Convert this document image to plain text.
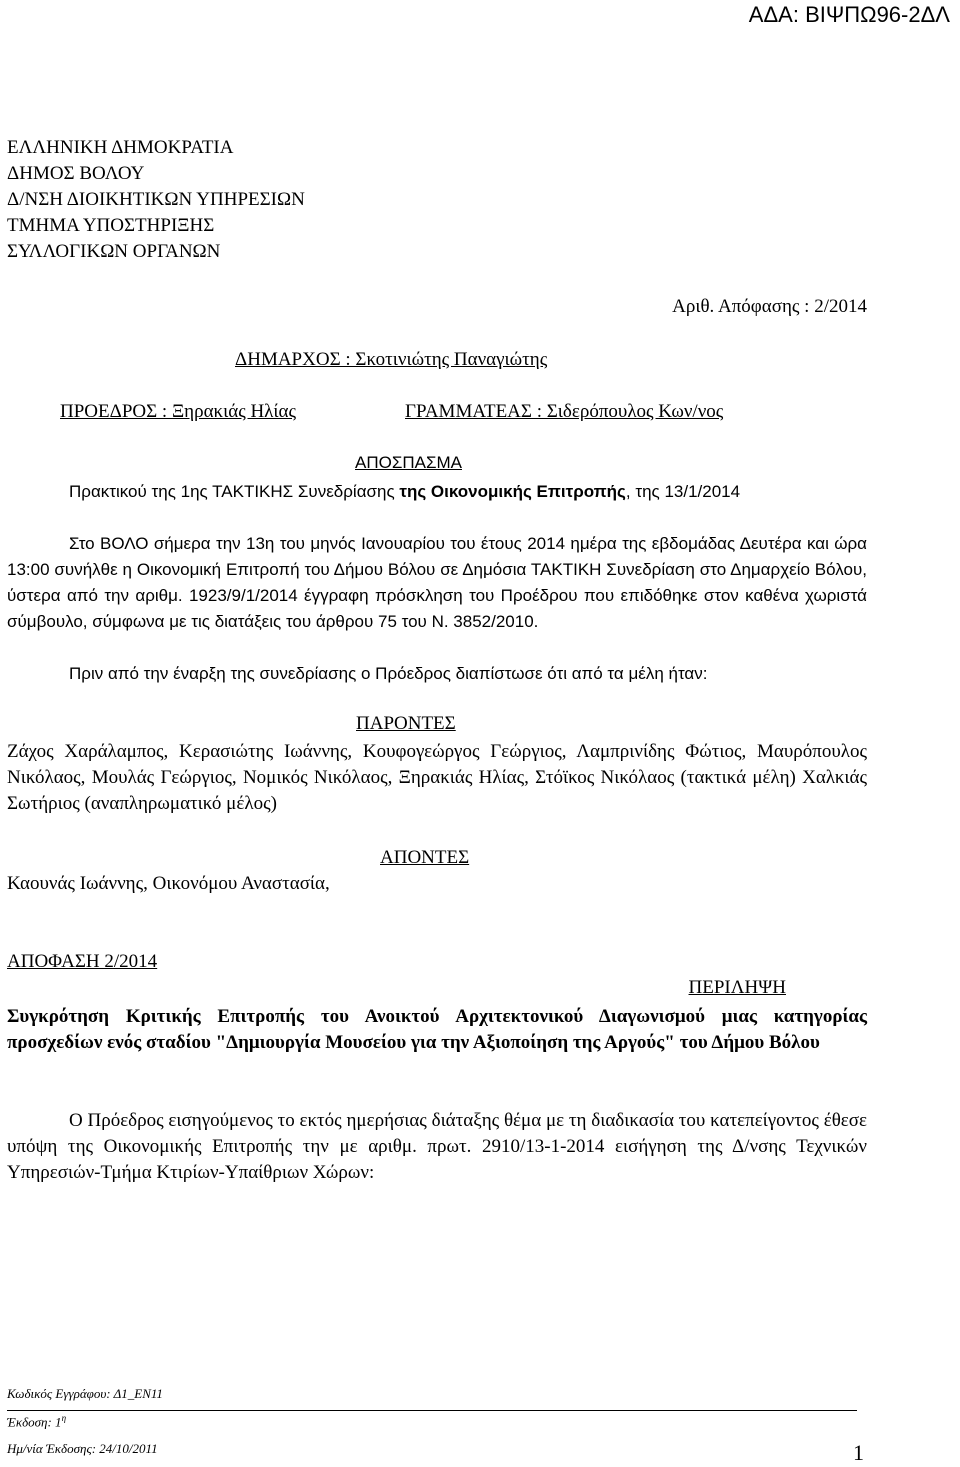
ΑΔΑ: ΒΙΨΠΩ96-2ΔΛ
ΕΛΛΗΝΙΚΗ ΔΗΜΟΚΡΑΤΙΑ
ΔΗΜΟΣ ΒΟΛΟΥ
Δ/ΝΣΗ ΔΙΟΙΚΗΤΙΚΩΝ ΥΠΗΡΕΣΙΩΝ
ΤΜΗΜΑ ΥΠΟΣΤΗΡΙΞΗΣ
ΣΥΛΛΟΓΙΚΩΝ ΟΡΓΑΝΩΝ
Αριθ. Απόφασης : 2/2014
ΔΗΜΑΡΧΟΣ : Σκοτινιώτης Παναγιώτης
ΠΡΟΕΔΡΟΣ : Ξηρακιάς Ηλίας	ΓΡΑΜΜΑΤΕΑΣ : Σιδερόπουλος Κων/νος
ΑΠΟΣΠΑΣΜΑ
Πρακτικού της 1ης ΤΑΚΤΙΚΗΣ Συνεδρίασης της Οικονομικής Επιτροπής, της 13/1/2014
Στο ΒΟΛΟ σήμερα την 13η του μηνός Ιανουαρίου του έτους 2014 ημέρα της εβδομάδας Δευτέρα και ώρα 13:00 συνήλθε η Οικονομική Επιτροπή του Δήμου Βόλου σε Δημόσια ΤΑΚΤΙΚΗ Συνεδρίαση στο Δημαρχείο Βόλου, ύστερα από την αριθμ. 1923/9/1/2014 έγγραφη πρόσκληση του Προέδρου που επιδόθηκε στον καθένα χωριστά σύμβουλο, σύμφωνα με τις διατάξεις του άρθρου 75 του Ν. 3852/2010.
Πριν από την έναρξη της συνεδρίασης ο Πρόεδρος διαπίστωσε ότι από τα μέλη ήταν:
ΠΑΡΟΝΤΕΣ
Ζάχος Χαράλαμπος, Κερασιώτης Ιωάννης, Κουφογεώργος Γεώργιος, Λαμπρινίδης Φώτιος, Μαυρόπουλος Νικόλαος, Μουλάς Γεώργιος, Νομικός Νικόλαος, Ξηρακιάς Ηλίας, Στόϊκος Νικόλαος (τακτικά μέλη) Χαλκιάς Σωτήριος (αναπληρωματικό μέλος)
ΑΠΟΝΤΕΣ
Καουνάς Ιωάννης, Οικονόμου Αναστασία,
ΑΠΟΦΑΣΗ 2/2014
ΠΕΡΙΛΗΨΗ
Συγκρότηση Κριτικής Επιτροπής του Ανοικτού Αρχιτεκτονικού Διαγωνισμού μιας κατηγορίας προσχεδίων ενός σταδίου "Δημιουργία Μουσείου για την Αξιοποίηση της Αργούς" του Δήμου Βόλου
Ο Πρόεδρος εισηγούμενος το εκτός ημερήσιας διάταξης θέμα με τη διαδικασία του κατεπείγοντος έθεσε υπόψη της Οικονομικής Επιτροπής την με αριθμ. πρωτ. 2910/13-1-2014 εισήγηση της Δ/νσης Τεχνικών Υπηρεσιών-Τμήμα Κτιρίων-Υπαίθριων Χώρων:
Κωδικός Εγγράφου: Δ1_ΕΝ11
Έκδοση: $1^\eta$
Ημ/νία Έκδοσης: 24/10/2011	1
